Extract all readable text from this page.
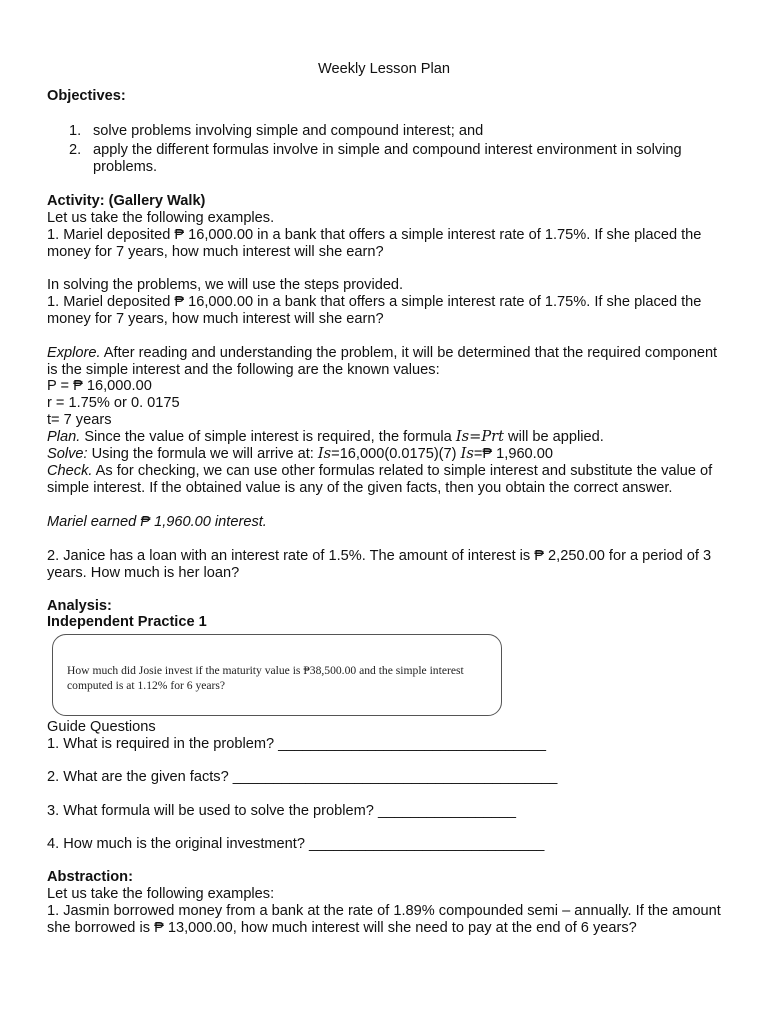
Weekly Lesson Plan
Objectives:
1. solve problems involving simple and compound interest; and
2. apply the different formulas involve in simple and compound interest environment in solving problems.
Activity: (Gallery Walk)
Let us take the following examples.
1. Mariel deposited ₱ 16,000.00 in a bank that offers a simple interest rate of 1.75%. If she placed the money for 7 years, how much interest will she earn?
In solving the problems, we will use the steps provided.
1. Mariel deposited ₱ 16,000.00 in a bank that offers a simple interest rate of 1.75%. If she placed the money for 7 years, how much interest will she earn?
Explore. After reading and understanding the problem, it will be determined that the required component is the simple interest and the following are the known values:
P = ₱ 16,000.00
r = 1.75% or 0. 0175
t= 7 years
Plan. Since the value of simple interest is required, the formula Is=Prt will be applied.
Solve: Using the formula we will arrive at: Is=16,000(0.0175)(7) Is=₱ 1,960.00
Check. As for checking, we can use other formulas related to simple interest and substitute the value of simple interest. If the obtained value is any of the given facts, then you obtain the correct answer.
Mariel earned ₱ 1,960.00 interest.
2. Janice has a loan with an interest rate of 1.5%. The amount of interest is ₱ 2,250.00 for a period of 3 years. How much is her loan?
Analysis:
Independent Practice 1
How much did Josie invest if the maturity value is ₱38,500.00 and the simple interest computed is at 1.12% for 6 years?
Guide Questions
1. What is required in the problem? _________________________________
2. What are the given facts? ________________________________________
3. What formula will be used to solve the problem? _________________
4. How much is the original investment? _____________________________
Abstraction:
Let us take the following examples:
1. Jasmin borrowed money from a bank at the rate of 1.89% compounded semi – annually. If the amount she borrowed is ₱ 13,000.00, how much interest will she need to pay at the end of 6 years?
